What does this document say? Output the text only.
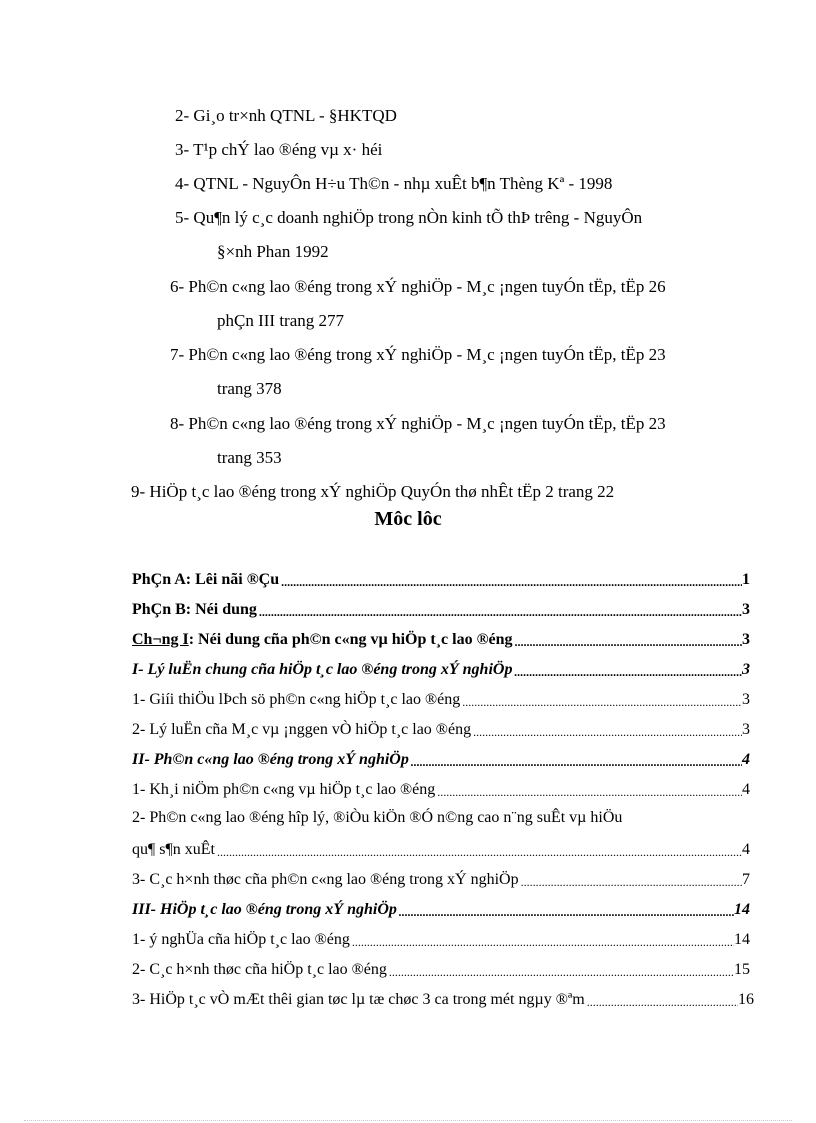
2- Gi¸o tr×nh QTNL - §HKTQD
3- T¹p chÝ lao ®éng vµ x· héi
4- QTNL - NguyÔn H÷u Th©n - nhµ xuÊt b¶n Thèng Kª - 1998
5- Qu¶n lý c¸c doanh nghiÖp trong nÒn kinh tÕ thÞ trêng - NguyÔn
§×nh Phan 1992
6- Ph©n c«ng lao ®éng trong xÝ nghiÖp - M¸c ¡ngen tuyÓn tËp, tËp 26
phÇn III trang 277
7- Ph©n c«ng lao ®éng trong xÝ nghiÖp - M¸c ¡ngen tuyÓn tËp, tËp 23
trang 378
8- Ph©n c«ng lao ®éng trong xÝ nghiÖp - M¸c ¡ngen tuyÓn tËp, tËp 23
trang 353
9- HiÖp t¸c lao ®éng trong xÝ nghiÖp QuyÓn thø nhÊt tËp 2 trang 22
Môc lôc
PhÇn A: Lêi nãi ®Çu .....	1
PhÇn B: Néi dung .....	3
Ch¬ng I: Néi dung cña ph©n c«ng vµ hiÖp t¸c lao ®éng .....	3
I- Lý luËn chung cña hiÖp t¸c lao ®éng trong xÝ nghiÖp .....	3
1- Giíi thiÖu lÞch sö ph©n c«ng hiÖp t¸c lao ®éng .....	3
2- Lý luËn cña M¸c vµ ¡nggen vÒ hiÖp t¸c lao ®éng .....	3
II- Ph©n c«ng lao ®éng trong xÝ nghiÖp .....	4
1- Kh¸i niÖm ph©n c«ng vµ hiÖp t¸c lao ®éng .....	4
2- Ph©n c«ng lao ®éng hîp lý, ®iÒu kiÖn ®Ó n©ng cao n¨ng suÊt vµ hiÖu
qu¶ s¶n xuÊt .....	4
3- C¸c h×nh thøc cña ph©n c«ng lao ®éng trong xÝ nghiÖp .....	7
III- HiÖp t¸c lao ®éng trong xÝ nghiÖp .....	14
1- ý nghÜa cña hiÖp t¸c lao ®éng .....	14
2- C¸c h×nh thøc cña hiÖp t¸c lao ®éng .....	15
3- HiÖp t¸c vÒ mÆt thêi gian tøc lµ tæ chøc 3 ca trong mét ngµy ®ªm .....	16
